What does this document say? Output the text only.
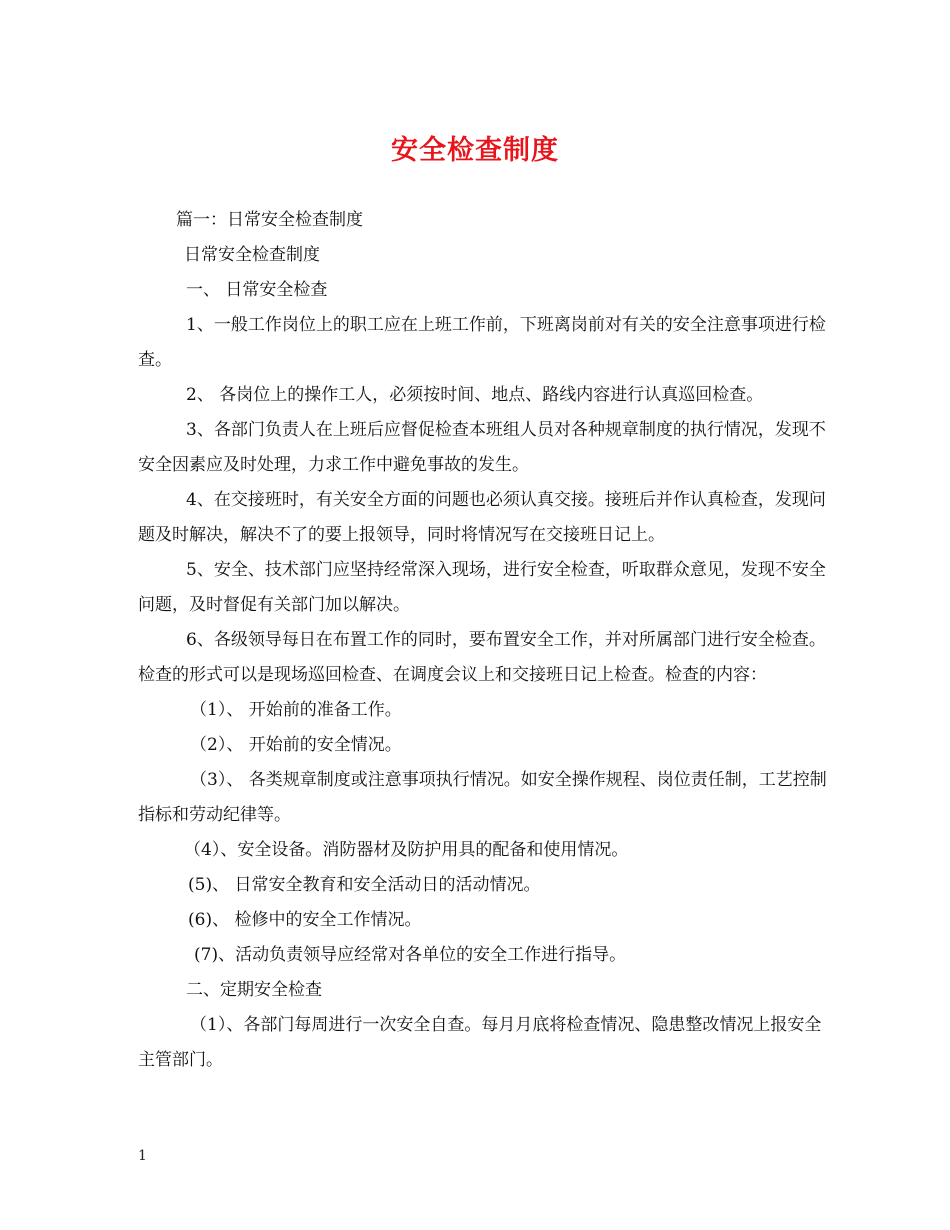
安全检查制度

篇一：日常安全检查制度

日常安全检查制度

一、 日常安全检查

1、一般工作岗位上的职工应在上班工作前，下班离岗前对有关的安全注意事项进行检查。

2、 各岗位上的操作工人，必须按时间、地点、路线内容进行认真巡回检查。

3、各部门负责人在上班后应督促检查本班组人员对各种规章制度的执行情况，发现不安全因素应及时处理，力求工作中避免事故的发生。

4、在交接班时，有关安全方面的问题也必须认真交接。接班后并作认真检查，发现问题及时解决，解决不了的要上报领导，同时将情况写在交接班日记上。

5、安全、技术部门应坚持经常深入现场，进行安全检查，听取群众意见，发现不安全问题，及时督促有关部门加以解决。

6、各级领导每日在布置工作的同时，要布置安全工作，并对所属部门进行安全检查。检查的形式可以是现场巡回检查、在调度会议上和交接班日记上检查。检查的内容：

（1）、 开始前的准备工作。

（2）、 开始前的安全情况。

（3）、 各类规章制度或注意事项执行情况。如安全操作规程、岗位责任制，工艺控制指标和劳动纪律等。

（4）、安全设备。消防器材及防护用具的配备和使用情况。

(5)、 日常安全教育和安全活动日的活动情况。

(6)、 检修中的安全工作情况。

(7)、活动负责领导应经常对各单位的安全工作进行指导。

二、定期安全检查

（1）、各部门每周进行一次安全自查。每月月底将检查情况、隐患整改情况上报安全主管部门。

1
